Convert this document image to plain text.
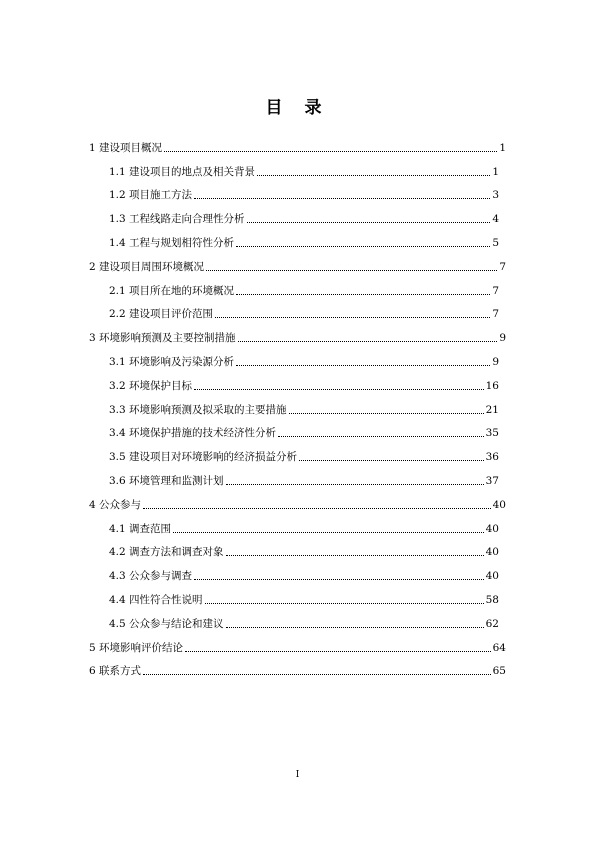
目 录
1 建设项目概况	1
1.1 建设项目的地点及相关背景	1
1.2 项目施工方法	3
1.3 工程线路走向合理性分析	4
1.4 工程与规划相符性分析	5
2 建设项目周围环境概况	7
2.1 项目所在地的环境概况	7
2.2 建设项目评价范围	7
3 环境影响预测及主要控制措施	9
3.1 环境影响及污染源分析	9
3.2 环境保护目标	16
3.3 环境影响预测及拟采取的主要措施	21
3.4 环境保护措施的技术经济性分析	35
3.5 建设项目对环境影响的经济损益分析	36
3.6 环境管理和监测计划	37
4 公众参与	40
4.1 调查范围	40
4.2 调查方法和调查对象	40
4.3 公众参与调查	40
4.4 四性符合性说明	58
4.5 公众参与结论和建议	62
5 环境影响评价结论	64
6 联系方式	65
I
